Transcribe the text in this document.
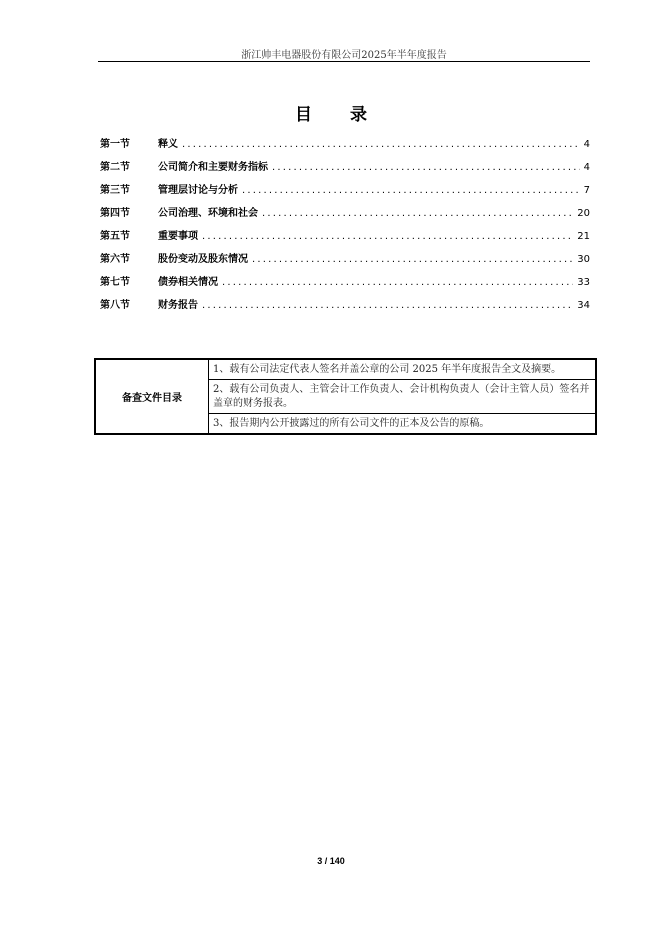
浙江帅丰电器股份有限公司2025年半年度报告
目 录
第一节	释义 .....	4
第二节	公司简介和主要财务指标 .....	4
第三节	管理层讨论与分析 .....	7
第四节	公司治理、环境和社会 .....	20
第五节	重要事项 .....	21
第六节	股份变动及股东情况 .....	30
第七节	债券相关情况 .....	33
第八节	财务报告 .....	34
备查文件目录	1、载有公司法定代表人签名并盖公章的公司 2025 年半年度报告全文及摘要。
2、载有公司负责人、主管会计工作负责人、会计机构负责人（会计主管人员）签名并盖章的财务报表。
3、报告期内公开披露过的所有公司文件的正本及公告的原稿。
3 / 140
